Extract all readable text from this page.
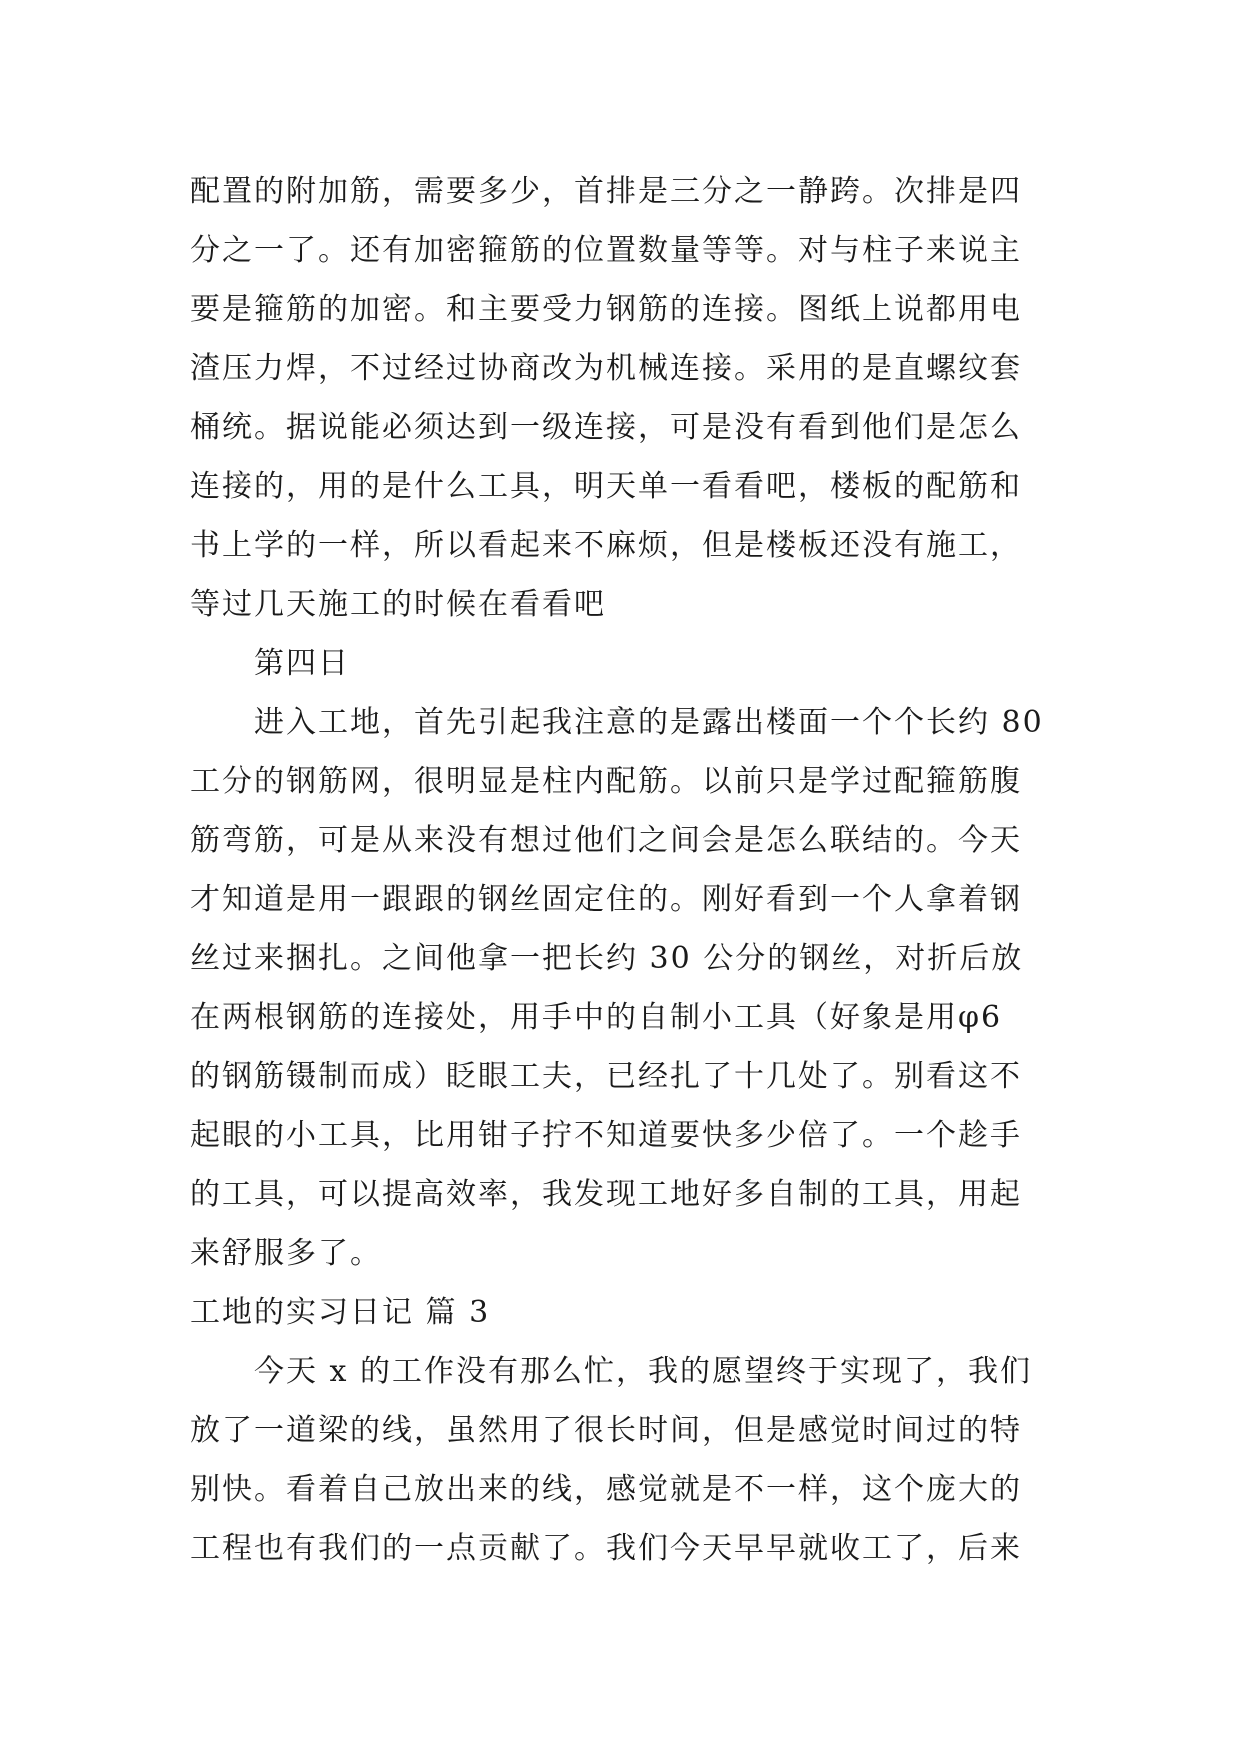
配置的附加筋，需要多少，首排是三分之一静跨。次排是四
分之一了。还有加密箍筋的位置数量等等。对与柱子来说主
要是箍筋的加密。和主要受力钢筋的连接。图纸上说都用电
渣压力焊，不过经过协商改为机械连接。采用的是直螺纹套
桶统。据说能必须达到一级连接，可是没有看到他们是怎么
连接的，用的是什么工具，明天单一看看吧，楼板的配筋和
书上学的一样，所以看起来不麻烦，但是楼板还没有施工，
等过几天施工的时候在看看吧
第四日
进入工地，首先引起我注意的是露出楼面一个个长约 80
工分的钢筋网，很明显是柱内配筋。以前只是学过配箍筋腹
筋弯筋，可是从来没有想过他们之间会是怎么联结的。今天
才知道是用一跟跟的钢丝固定住的。刚好看到一个人拿着钢
丝过来捆扎。之间他拿一把长约 30 公分的钢丝，对折后放
在两根钢筋的连接处，用手中的自制小工具（好象是用φ6
的钢筋镊制而成）眨眼工夫，已经扎了十几处了。别看这不
起眼的小工具，比用钳子拧不知道要快多少倍了。一个趁手
的工具，可以提高效率，我发现工地好多自制的工具，用起
来舒服多了。
工地的实习日记 篇 3
今天 x 的工作没有那么忙，我的愿望终于实现了，我们
放了一道梁的线，虽然用了很长时间，但是感觉时间过的特
别快。看着自己放出来的线，感觉就是不一样，这个庞大的
工程也有我们的一点贡献了。我们今天早早就收工了，后来
